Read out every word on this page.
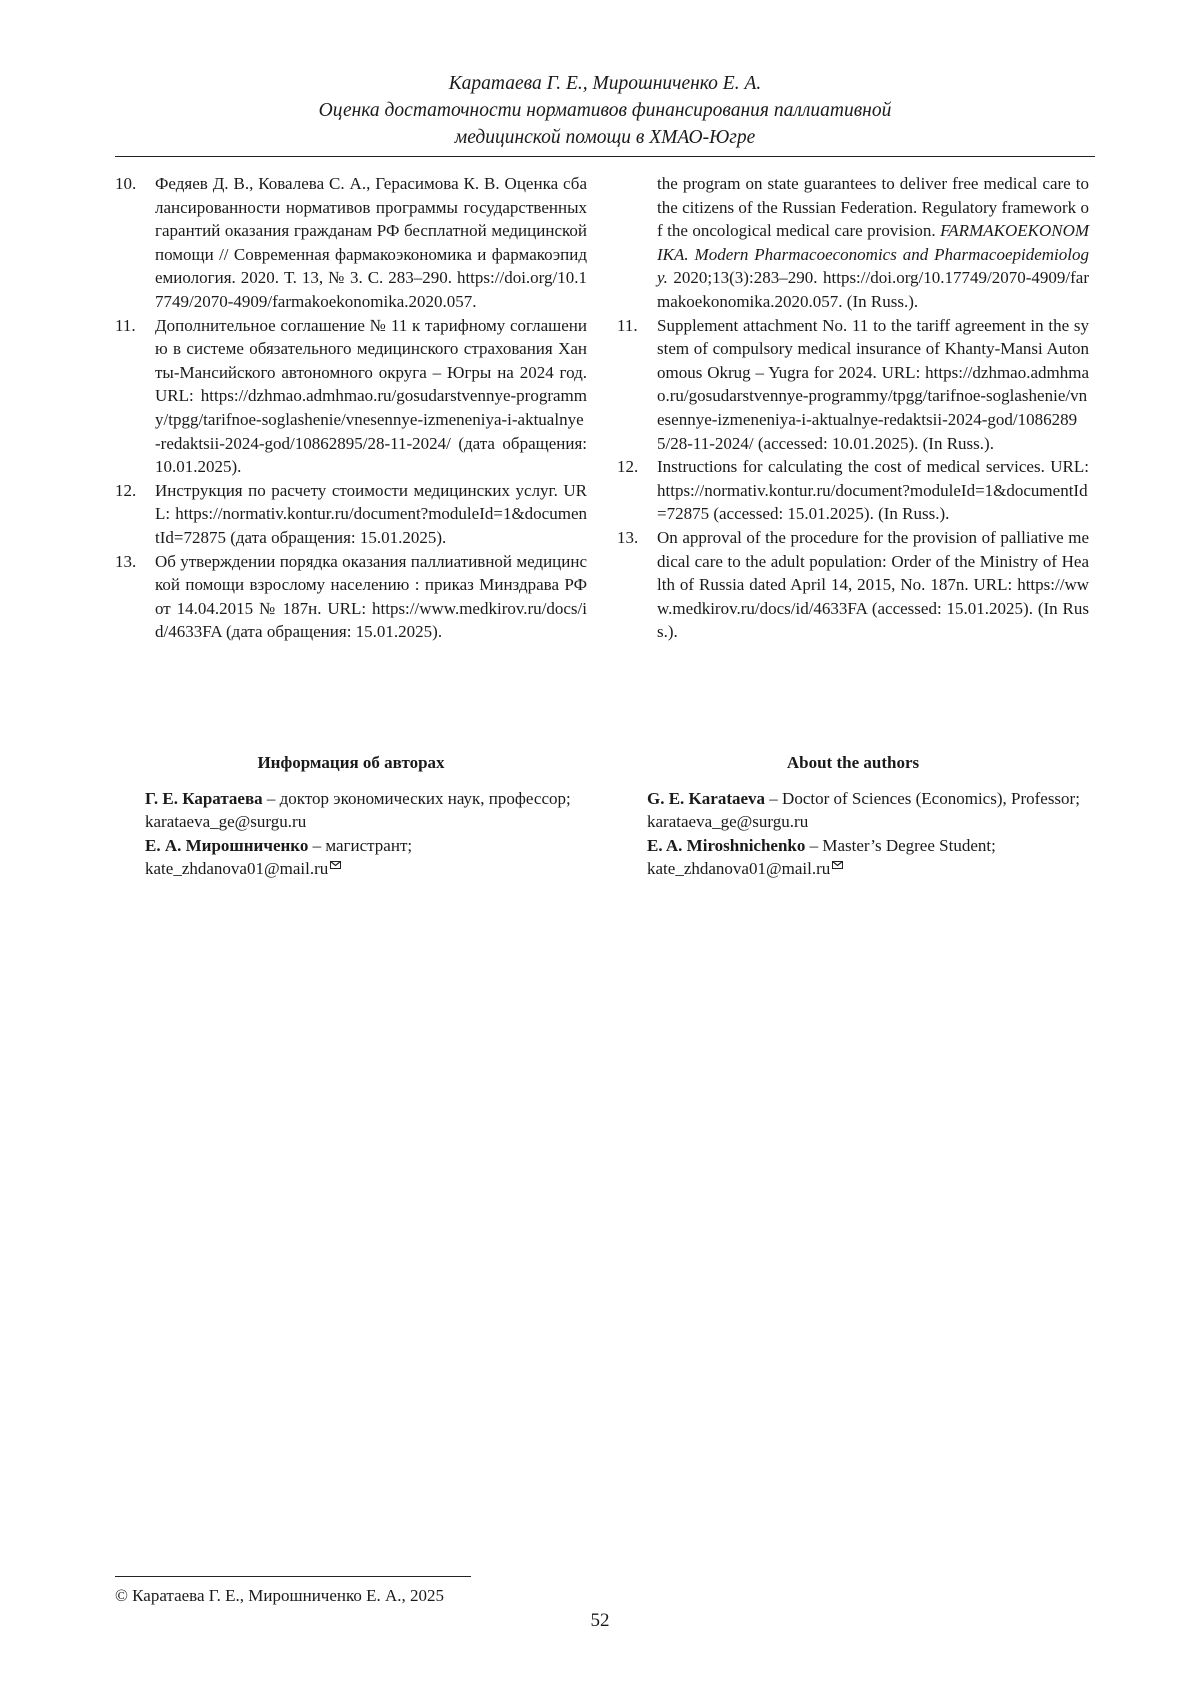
Каратаева Г. Е., Мирошниченко Е. А.
Оценка достаточности нормативов финансирования паллиативной
медицинской помощи в ХМАО-Югре
10.	Федяев Д. В., Ковалева С. А., Герасимова К. В. Оценка сбалансированности нормативов программы государственных гарантий оказания гражданам РФ бесплатной медицинской помощи // Современная фармакоэкономика и фармакоэпидемиология. 2020. Т. 13, № 3. С. 283–290. https://doi.org/10.17749/2070-4909/farmakoekonomika.2020.057.
11.	Дополнительное соглашение № 11 к тарифному соглашению в системе обязательного медицинского страхования Ханты-Мансийского автономного округа – Югры на 2024 год. URL: https://dzhmao.admhmao.ru/gosudarstvennye-programmy/tpgg/tarifnoe-soglashenie/vnesennye-izmeneniya-i-aktualnye-redaktsii-2024-god/10862895/28-11-2024/ (дата обращения: 10.01.2025).
12.	Инструкция по расчету стоимости медицинских услуг. URL: https://normativ.kontur.ru/document?moduleId=1&documentId=72875 (дата обращения: 15.01.2025).
13.	Об утверждении порядка оказания паллиативной медицинской помощи взрослому населению : приказ Минздрава РФ от 14.04.2015 № 187н. URL: https://www.medkirov.ru/docs/id/4633FA (дата обращения: 15.01.2025).
the program on state guarantees to deliver free medical care to the citizens of the Russian Federation. Regulatory framework of the oncological medical care provision. FARMAKOEKONOMIKA. Modern Pharmacoeconomics and Pharmacoepidemiology. 2020;13(3):283–290. https://doi.org/10.17749/2070-4909/farmakoekonomika.2020.057. (In Russ.).
11.	Supplement attachment No. 11 to the tariff agreement in the system of compulsory medical insurance of Khanty-Mansi Autonomous Okrug – Yugra for 2024. URL: https://dzhmao.admhmao.ru/gosudarstvennye-programmy/tpgg/tarifnoe-soglashenie/vnesennye-izmeneniya-i-aktualnye-redaktsii-2024-god/10862895/28-11-2024/ (accessed: 10.01.2025). (In Russ.).
12.	Instructions for calculating the cost of medical services. URL: https://normativ.kontur.ru/document?moduleId=1&documentId=72875 (accessed: 15.01.2025). (In Russ.).
13.	On approval of the procedure for the provision of palliative medical care to the adult population: Order of the Ministry of Health of Russia dated April 14, 2015, No. 187n. URL: https://www.medkirov.ru/docs/id/4633FA (accessed: 15.01.2025). (In Russ.).
Информация об авторах
Г. Е. Каратаева – доктор экономических наук, профессор;
karataeva_ge@surgu.ru
Е. А. Мирошниченко – магистрант;
kate_zhdanova01@mail.ru
About the authors
G. E. Karataeva – Doctor of Sciences (Economics), Professor;
karataeva_ge@surgu.ru
E. A. Miroshnichenko – Master’s Degree Student;
kate_zhdanova01@mail.ru
© Каратаева Г. Е., Мирошниченко Е. А., 2025
52
